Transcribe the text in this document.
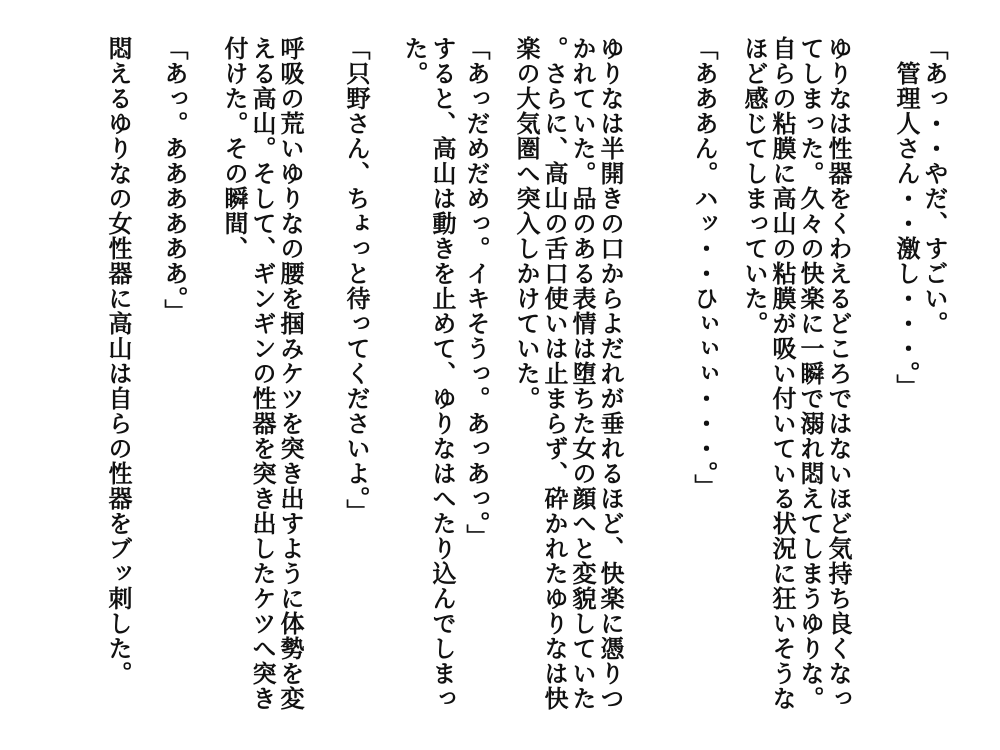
「あっ・・やだ、すごい。
　管理人さん・・激し・・・。」

ゆりなは性器をくわえるどころではないほど気持ち良くなっ
てしまった。久々の快楽に一瞬で溺れ悶えてしまうゆりな。
自らの粘膜に高山の粘膜が吸い付いている状況に狂いそうな
ほど感じてしまっていた。

「あああん。ハッ・・ひぃぃぃ・・・。」

ゆりなは半開きの口からよだれが垂れるほど、快楽に憑りつ
かれていた。品のある表情は堕ちた女の顔へと変貌していた
。さらに、高山の舌口使いは止まらず、砕かれたゆりなは快
楽の大気圏へ突入しかけていた。

「あっだめだめっ。イキそうっ。あっあっ。」

すると、高山は動きを止めて、ゆりなはへたり込んでしまっ
た。

「只野さん、ちょっと待ってくださいよ。」

呼吸の荒いゆりなの腰を掴みケツを突き出すように体勢を変
える高山。そして、ギンギンの性器を突き出したケツへ突き
付けた。その瞬間、

「あっ。ああああああ。」

悶えるゆりなの女性器に高山は自らの性器をブッ刺した。
